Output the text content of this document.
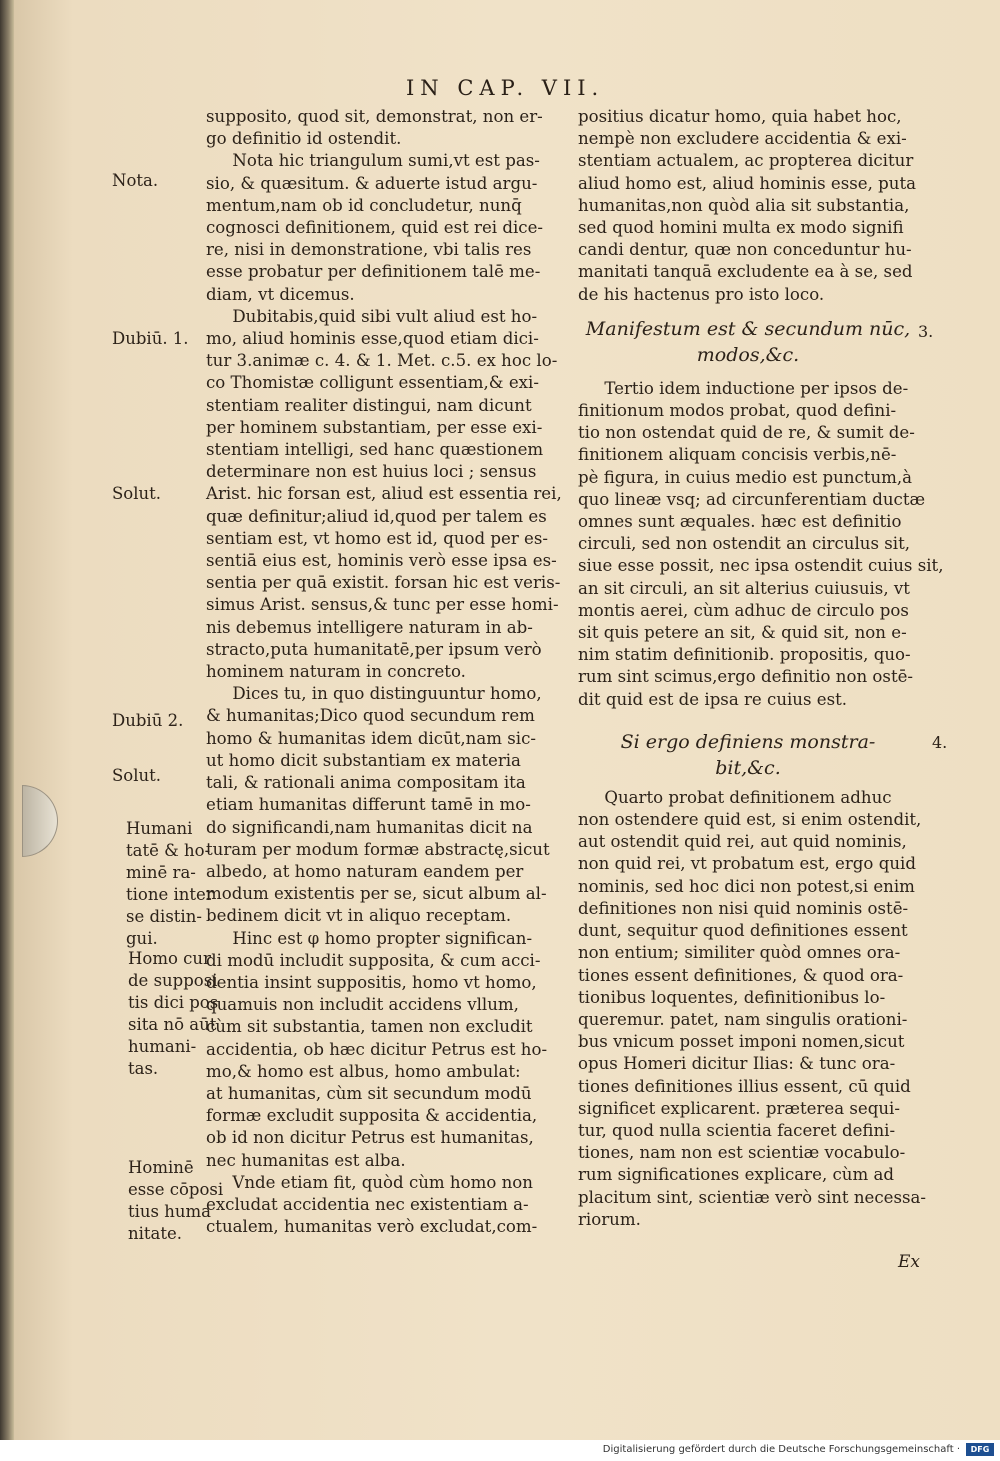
IN CAP. VII.
Nota.
Dubiū. 1.
Solut.
Dubiū 2.
Solut.
Humani
tatē & ho-
minē ra-
tione inter
se distin-
gui.
Homo cur
de supposi
tis dici pos
sita nō aūt
humani-
tas.
Hominē
esse cōposi
tius huma
nitate.

supposito, quod sit, demonstrat, non er-

go definitio id ostendit.

Nota hic triangulum sumi,vt est pas-

sio, & quæsitum. & aduerte istud argu-

mentum,nam ob id concludetur, nunq̄

cognosci definitionem, quid est rei dice-

re, nisi in demonstratione, vbi talis res

esse probatur per definitionem talē me-

diam, vt dicemus.

Dubitabis,quid sibi vult aliud est ho-

mo, aliud hominis esse,quod etiam dici-

tur 3.animæ c. 4. & 1. Met. c.5. ex hoc lo-

co Thomistæ colligunt essentiam,& exi-

stentiam realiter distingui, nam dicunt

per hominem substantiam, per esse exi-

stentiam intelligi, sed hanc quæstionem

determinare non est huius loci ; sensus

Arist. hic forsan est, aliud est essentia rei,

quæ definitur;aliud id,quod per talem es

sentiam est, vt homo est id, quod per es-

sentiā eius est, hominis verò esse ipsa es-

sentia per quā existit. forsan hic est veris-

simus Arist. sensus,& tunc per esse homi-

nis debemus intelligere naturam in ab-

stracto,puta humanitatē,per ipsum verò

hominem naturam in concreto.

Dices tu, in quo distinguuntur homo,

& humanitas;Dico quod secundum rem

homo & humanitas idem dicūt,nam sic-

ut homo dicit substantiam ex materia

tali, & rationali anima compositam ita

etiam humanitas differunt tamē in mo-

do significandi,nam humanitas dicit na

turam per modum formæ abstractę,sicut

albedo, at homo naturam eandem per

modum existentis per se, sicut album al-

bedinem dicit vt in aliquo receptam.

Hinc est φ homo propter significan-

di modū includit supposita, & cum acci-

dentia insint suppositis, homo vt homo,

quamuis non includit accidens vllum,

cùm sit substantia, tamen non excludit

accidentia, ob hæc dicitur Petrus est ho-

mo,& homo est albus, homo ambulat:

at humanitas, cùm sit secundum modū

formæ excludit supposita & accidentia,

ob id non dicitur Petrus est humanitas,

nec humanitas est alba.

Vnde etiam fit, quòd cùm homo non

excludat accidentia nec existentiam a-

ctualem, humanitas verò excludat,com-

positius dicatur homo, quia habet hoc,

nempè non excludere accidentia & exi-

stentiam actualem, ac propterea dicitur

aliud homo est, aliud hominis esse, puta

humanitas,non quòd alia sit substantia,

sed quod homini multa ex modo signifi

candi dentur, quæ non conceduntur hu-

manitati tanquā excludente ea à se, sed

de his hactenus pro isto loco.

Manifestum est & secundum nūc,
modos,&c.

Tertio idem inductione per ipsos de-

finitionum modos probat, quod defini-

tio non ostendat quid de re, & sumit de-

finitionem aliquam concisis verbis,nē-

pè figura, in cuius medio est punctum,à

quo lineæ vsq; ad circunferentiam ductæ

omnes sunt æquales. hæc est definitio

circuli, sed non ostendit an circulus sit,

siue esse possit, nec ipsa ostendit cuius sit,

an sit circuli, an sit alterius cuiusuis, vt

montis aerei, cùm adhuc de circulo pos

sit quis petere an sit, & quid sit, non e-

nim statim definitionib. propositis, quo-

rum sint scimus,ergo definitio non ostē-

dit quid est de ipsa re cuius est.

Si ergo definiens monstra-
bit,&c.

Quarto probat definitionem adhuc

non ostendere quid est, si enim ostendit,

aut ostendit quid rei, aut quid nominis,

non quid rei, vt probatum est, ergo quid

nominis, sed hoc dici non potest,si enim

definitiones non nisi quid nominis ostē-

dunt, sequitur quod definitiones essent

non entium; similiter quòd omnes ora-

tiones essent definitiones, & quod ora-

tionibus loquentes, definitionibus lo-

queremur. patet, nam singulis orationi-

bus vnicum posset imponi nomen,sicut

opus Homeri dicitur Ilias: & tunc ora-

tiones definitiones illius essent, cū quid

significet explicarent. præterea sequi-

tur, quod nulla scientia faceret defini-

tiones, nam non est scientiæ vocabulo-

rum significationes explicare, cùm ad

placitum sint, scientiæ verò sint necessa-

riorum.

3.
4.
Ex
Digitalisierung gefördert durch die Deutsche Forschungsgemeinschaft ·	DFG
